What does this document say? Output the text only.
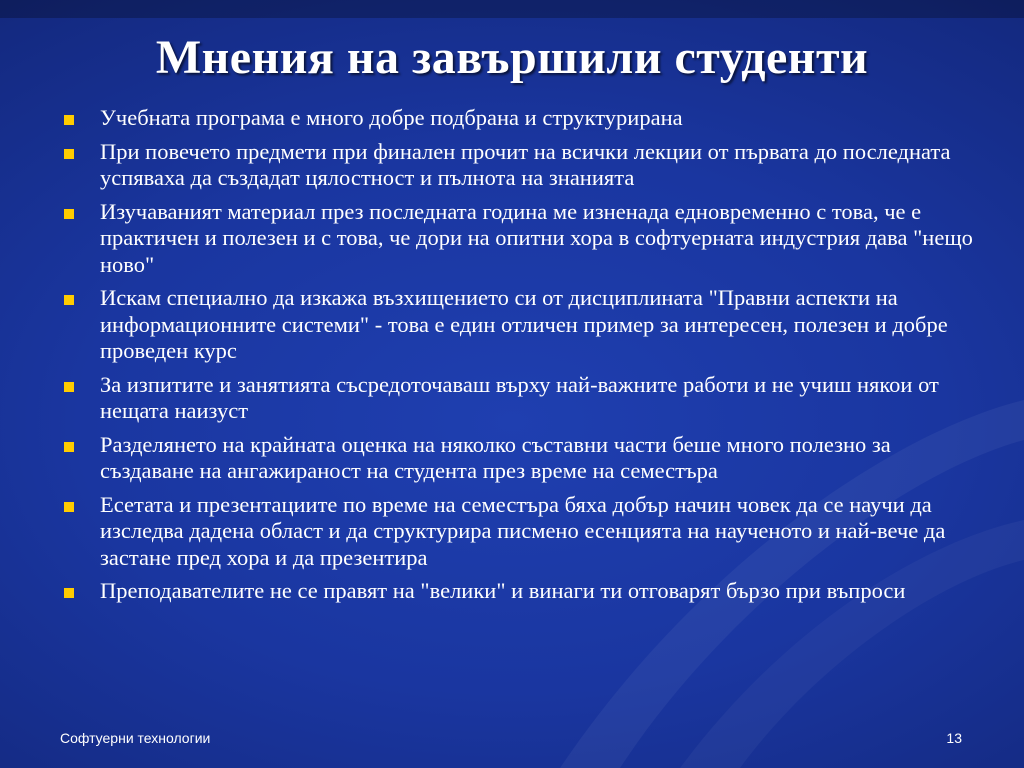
Мнения на завършили студенти
Учебната програма е много добре подбрана и структурирана
При повечето предмети при финален прочит на всички лекции от първата до последната успяваха да създадат цялостност и пълнота на знанията
Изучаваният материал през последната година ме изненада едновременно с това, че е практичен и полезен и с това, че дори на опитни хора в софтуерната индустрия дава "нещо ново"
Искам специално да изкажа възхищението си от дисциплината "Правни аспекти на информационните системи" - това е един отличен пример за интересен, полезен и добре проведен курс
За изпитите и занятията съсредоточаваш върху най-важните работи и не учиш някои от нещата наизуст
Разделянето на крайната оценка на няколко съставни части беше много полезно за създаване на ангажираност на студента през време на семестъра
Есетата и презентациите по време на семестъра бяха добър начин човек да се научи да изследва дадена област и да структурира писмено есенцията на наученото и най-вече да застане пред хора и да презентира
Преподавателите не се правят на "велики" и винаги ти отговарят бързо при въпроси
Софтуерни технологии	13
